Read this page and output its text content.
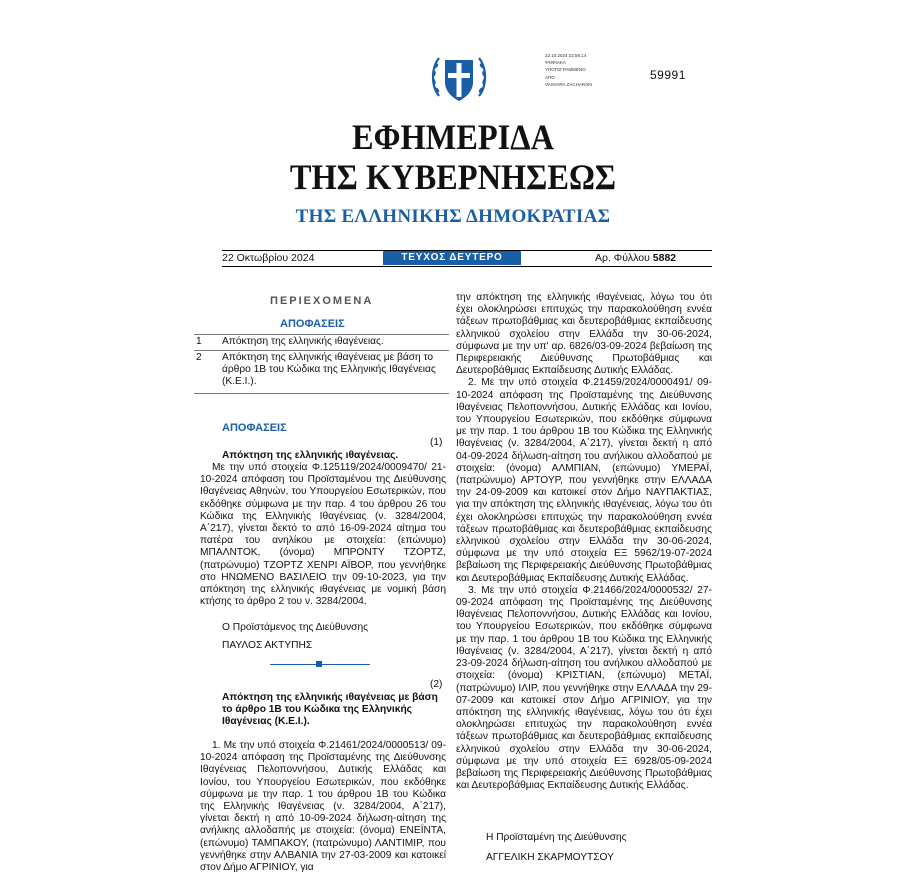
22.10.2024 22:56:14
ΨΗΦΙΑΚΑ
ΥΠΟΓΕΓΡΑΜΜΕΝΟ
ΑΠΟ
VASVARA ZACHARAKI
59991
ΕΦΗΜΕΡΙΔΑ
ΤΗΣ ΚΥΒΕΡΝΗΣΕΩΣ
ΤΗΣ ΕΛΛΗΝΙΚΗΣ ΔΗΜΟΚΡΑΤΙΑΣ
22 Οκτωβρίου 2024	ΤΕΥΧΟΣ ΔΕΥΤΕΡΟ	Αρ. Φύλλου 5882
ΠΕΡΙΕΧΟΜΕΝΑ
ΑΠΟΦΑΣΕΙΣ
1 Απόκτηση της ελληνικής ιθαγένειας.
2 Απόκτηση της ελληνικής ιθαγένειας με βάση το άρθρο 1Β του Κώδικα της Ελληνικής Ιθαγένειας (Κ.Ε.Ι.).
ΑΠΟΦΑΣΕΙΣ
(1)
Απόκτηση της ελληνικής ιθαγένειας.

Με την υπό στοιχεία Φ.125119/2024/0009470/ 21-10-2024 απόφαση του Προϊσταμένου της Διεύθυνσης Ιθαγένειας Αθηνών, του Υπουργείου Εσωτερικών, που εκδόθηκε σύμφωνα με την παρ. 4 του άρθρου 26 του Κώδικα της Ελληνικής Ιθαγένειας (ν. 3284/2004, Α΄217), γίνεται δεκτό το από 16-09-2024 αίτημα του πατέρα του ανηλίκου με στοιχεία: (επώνυμο) ΜΠΑΛΝΤΟΚ, (όνομα) ΜΠΡΟΝΤΥ ΤΖΟΡΤΖ, (πατρώνυμο) ΤΖΟΡΤΖ ΧΕΝΡΙ ΑΪΒΟΡ, που γεννήθηκε στο ΗΝΩΜΕΝΟ ΒΑΣΙΛΕΙΟ την 09-10-2023, για την απόκτηση της ελληνικής ιθαγένειας με νομική βάση κτήσης το άρθρο 2 του ν. 3284/2004.

Ο Προϊστάμενος της Διεύθυνσης
ΠΑΥΛΟΣ ΑΚΤΥΠΗΣ
(2)
Απόκτηση της ελληνικής ιθαγένειας με βάση το άρθρο 1Β του Κώδικα της Ελληνικής Ιθαγένειας (Κ.Ε.Ι.).

1. Με την υπό στοιχεία Φ.21461/2024/0000513/ 09-10-2024 απόφαση της Προϊσταμένης της Διεύθυνσης Ιθαγένειας Πελοποννήσου, Δυτικής Ελλάδας και Ιονίου, του Υπουργείου Εσωτερικών, που εκδόθηκε σύμφωνα με την παρ. 1 του άρθρου 1Β του Κώδικα της Ελληνικής Ιθαγένειας (ν. 3284/2004, Α΄217), γίνεται δεκτή η από 10-09-2024 δήλωση-αίτηση της ανήλικης αλλοδαπής με στοιχεία: (όνομα) ΕΝΕΪΝΤΑ, (επώνυμο) ΤΑΜΠΑΚΟΥ, (πατρώνυμο) ΛΑΝΤΙΜΙΡ, που γεννήθηκε στην ΑΛΒΑΝΙΑ την 27-03-2009 και κατοικεί στον Δήμο ΑΓΡΙΝΙΟΥ, για

την απόκτηση της ελληνικής ιθαγένειας, λόγω του ότι έχει ολοκληρώσει επιτυχώς την παρακολούθηση εννέα τάξεων πρωτοβάθμιας και δευτεροβάθμιας εκπαίδευσης ελληνικού σχολείου στην Ελλάδα την 30-06-2024, σύμφωνα με την υπ' αρ. 6826/03-09-2024 βεβαίωση της Περιφερειακής Διεύθυνσης Πρωτοβάθμιας και Δευτεροβάθμιας Εκπαίδευσης Δυτικής Ελλάδας.

2. Με την υπό στοιχεία Φ.21459/2024/0000491/ 09-10-2024 απόφαση της Προϊσταμένης της Διεύθυνσης Ιθαγένειας Πελοποννήσου, Δυτικής Ελλάδας και Ιονίου, του Υπουργείου Εσωτερικών, που εκδόθηκε σύμφωνα με την παρ. 1 του άρθρου 1Β του Κώδικα της Ελληνικής Ιθαγένειας (ν. 3284/2004, Α΄217), γίνεται δεκτή η από 04-09-2024 δήλωση-αίτηση του ανήλικου αλλοδαπού με στοιχεία: (όνομα) ΑΛΜΠΙΑΝ, (επώνυμο) ΥΜΕΡΑΪ, (πατρώνυμο) ΑΡΤΟΥΡ, που γεννήθηκε στην ΕΛΛΑΔΑ την 24-09-2009 και κατοικεί στον Δήμο ΝΑΥΠΑΚΤΙΑΣ, για την απόκτηση της ελληνικής ιθαγένειας, λόγω του ότι έχει ολοκληρώσει επιτυχώς την παρακολούθηση εννέα τάξεων πρωτοβάθμιας και δευτεροβάθμιας εκπαίδευσης ελληνικού σχολείου στην Ελλάδα την 30-06-2024, σύμφωνα με την υπό στοιχεία ΕΞ 5962/19-07-2024 βεβαίωση της Περιφερειακής Διεύθυνσης Πρωτοβάθμιας και Δευτεροβάθμιας Εκπαίδευσης Δυτικής Ελλάδας.

3. Με την υπό στοιχεία Φ.21466/2024/0000532/ 27-09-2024 απόφαση της Προϊσταμένης της Διεύθυνσης Ιθαγένειας Πελοποννήσου, Δυτικής Ελλάδας και Ιονίου, του Υπουργείου Εσωτερικών, που εκδόθηκε σύμφωνα με την παρ. 1 του άρθρου 1Β του Κώδικα της Ελληνικής Ιθαγένειας (ν. 3284/2004, Α΄217), γίνεται δεκτή η από 23-09-2024 δήλωση-αίτηση του ανήλικου αλλοδαπού με στοιχεία: (όνομα) ΚΡΙΣΤΙΑΝ, (επώνυμο) ΜΕΤΑΪ, (πατρώνυμο) ΙΛΙΡ, που γεννήθηκε στην ΕΛΛΑΔΑ την 29-07-2009 και κατοικεί στον Δήμο ΑΓΡΙΝΙΟΥ, για την απόκτηση της ελληνικής ιθαγένειας, λόγω του ότι έχει ολοκληρώσει επιτυχώς την παρακολούθηση εννέα τάξεων πρωτοβάθμιας και δευτεροβάθμιας εκπαίδευσης ελληνικού σχολείου στην Ελλάδα την 30-06-2024, σύμφωνα με την υπό στοιχεία ΕΞ 6928/05-09-2024 βεβαίωση της Περιφερειακής Διεύθυνσης Πρωτοβάθμιας και Δευτεροβάθμιας Εκπαίδευσης Δυτικής Ελλάδας.

Η Προϊσταμένη της Διεύθυνσης
ΑΓΓΕΛΙΚΗ ΣΚΑΡΜΟΥΤΣΟΥ
